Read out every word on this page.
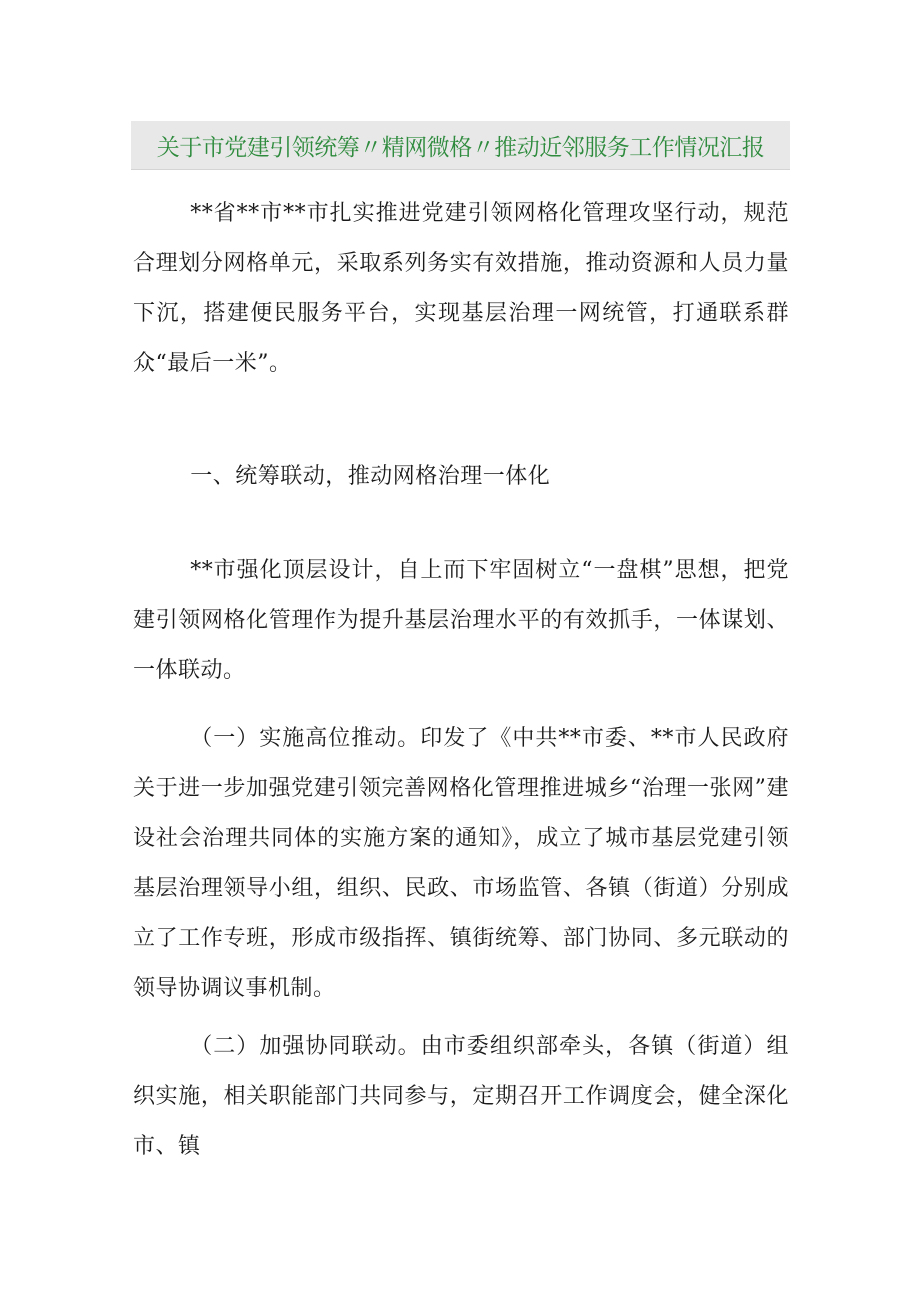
关于市党建引领统筹〃精网微格〃推动近邻服务工作情况汇报

**省**市**市扎实推进党建引领网格化管理攻坚行动，规范合理划分网格单元，采取系列务实有效措施，推动资源和人员力量下沉，搭建便民服务平台，实现基层治理一网统管，打通联系群众“最后一米”。

一、统筹联动，推动网格治理一体化

**市强化顶层设计，自上而下牢固树立“一盘棋”思想，把党建引领网格化管理作为提升基层治理水平的有效抓手，一体谋划、一体联动。

（一）实施高位推动。印发了《中共**市委、**市人民政府关于进一步加强党建引领完善网格化管理推进城乡“治理一张网”建设社会治理共同体的实施方案的通知》，成立了城市基层党建引领基层治理领导小组，组织、民政、市场监管、各镇（街道）分别成立了工作专班，形成市级指挥、镇街统筹、部门协同、多元联动的领导协调议事机制。

（二）加强协同联动。由市委组织部牵头，各镇（街道）组织实施，相关职能部门共同参与，定期召开工作调度会，健全深化市、镇
